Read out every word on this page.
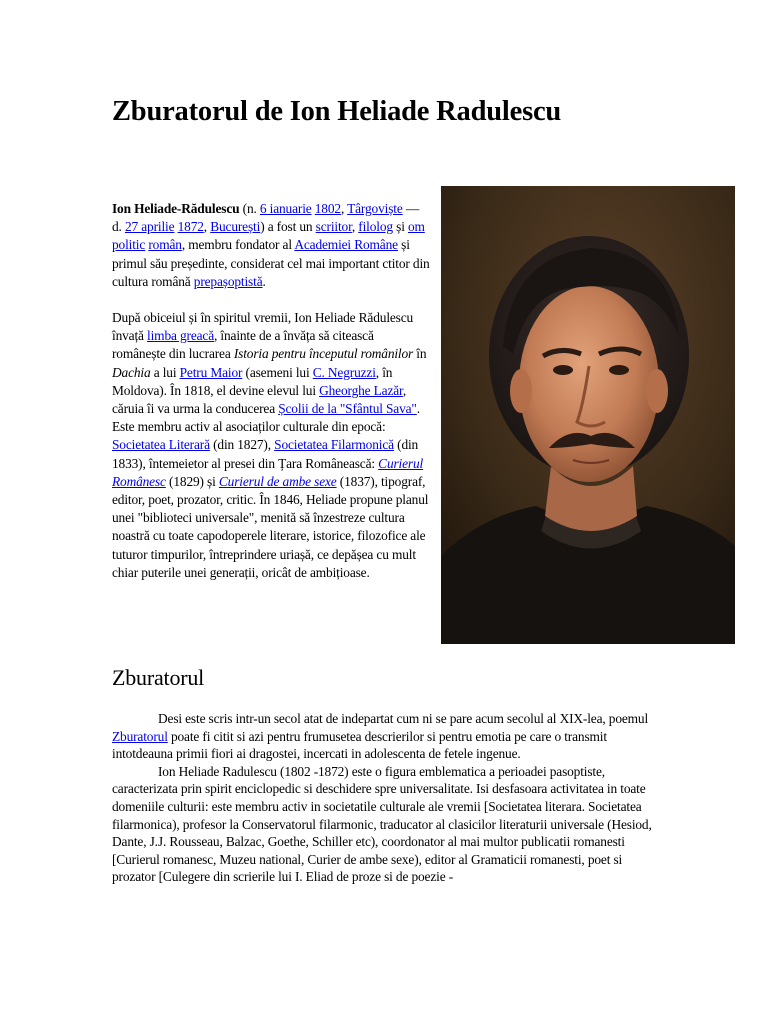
Zburatorul de Ion Heliade Radulescu

Ion Heliade-Rădulescu (n. 6 ianuarie 1802, Târgoviște — d. 27 aprilie 1872, București) a fost un scriitor, filolog și om politic român, membru fondator al Academiei Române și primul său președinte, considerat cel mai important ctitor din cultura română prepașoptistă.

După obiceiul și în spiritul vremii, Ion Heliade Rădulescu învață limba greacă, înainte de a învăța să citească românește din lucrarea Istoria pentru începutul românilor în Dachia a lui Petru Maior (asemeni lui C. Negruzzi, în Moldova). În 1818, el devine elevul lui Gheorghe Lazăr, căruia îi va urma la conducerea Școlii de la "Sfântul Sava". Este membru activ al asociaților culturale din epocă: Societatea Literară (din 1827), Societatea Filarmonică (din 1833), întemeietor al presei din Țara Românească: Curierul Românesc (1829) și Curierul de ambe sexe (1837), tipograf, editor, poet, prozator, critic. În 1846, Heliade propune planul unei "biblioteci universale", menită să înzestreze cultura noastră cu toate capodoperele literare, istorice, filozofice ale tuturor timpurilor, întreprindere uriașă, ce depășea cu mult chiar puterile unei generații, oricât de ambițioase.

Zburatorul

Desi este scris intr-un secol atat de indepartat cum ni se pare acum secolul al XIX-lea, poemul Zburatorul poate fi citit si azi pentru frumusetea descrierilor si pentru emotia pe care o transmit intotdeauna primii fiori ai dragostei, incercati in adolescenta de fetele ingenue.

Ion Heliade Radulescu (1802 -1872) este o figura emblematica a perioadei pasoptiste, caracterizata prin spirit enciclopedic si deschidere spre universalitate. Isi desfasoara activitatea in toate domeniile culturii: este membru activ in societatile culturale ale vremii [Societatea literara. Societatea filarmonica), profesor la Conservatorul filarmonic, traducator al clasicilor literaturii universale (Hesiod, Dante, J.J. Rousseau, Balzac, Goethe, Schiller etc), coordonator al mai multor publicatii romanesti [Curierul romanesc, Muzeu national, Curier de ambe sexe), editor al Gramaticii romanesti, poet si prozator [Culegere din scrierile lui I. Eliad de proze si de poezie -
